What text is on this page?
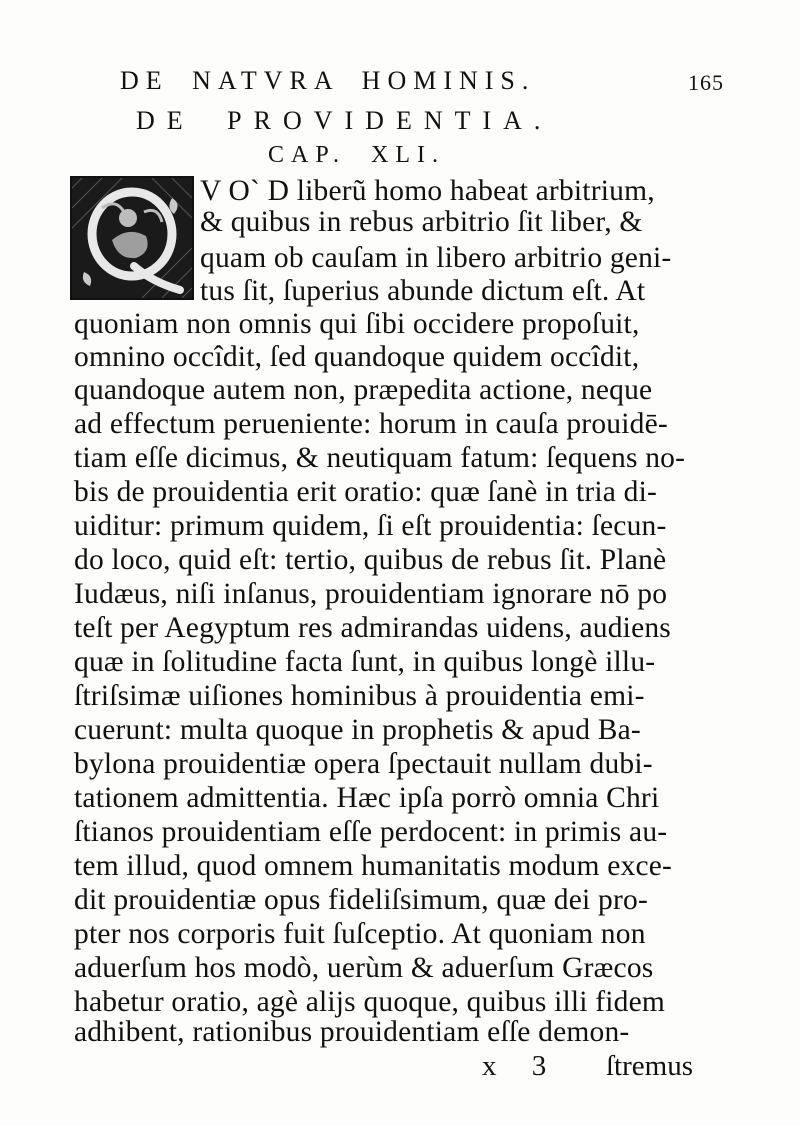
DE NATVRA HOMINIS.	165
DE PROVIDENTIA.
CAP. XLI.
V O` D liberũ homo habeat arbitrium,
& quibus in rebus arbitrio ſit liber, &
quam ob cauſam in libero arbitrio geni-
tus ſit, ſuperius abunde dictum eſt. At
quoniam non omnis qui ſibi occidere propoſuit,
omnino occîdit, ſed quandoque quidem occîdit,
quandoque autem non, præpedita actione, neque
ad effectum perueniente: horum in cauſa prouidē-
tiam eſſe dicimus, & neutiquam fatum: ſequens no-
bis de prouidentia erit oratio: quæ ſanè in tria di-
uiditur: primum quidem, ſi eſt prouidentia: ſecun-
do loco, quid eſt: tertio, quibus de rebus ſit. Planè
Iudæus, niſi inſanus, prouidentiam ignorare nō po
teſt per Aegyptum res admirandas uidens, audiens
quæ in ſolitudine facta ſunt, in quibus longè illu-
ſtriſsimæ uiſiones hominibus à prouidentia emi-
cuerunt: multa quoque in prophetis & apud Ba-
bylona prouidentiæ opera ſpectauit nullam dubi-
tationem admittentia. Hæc ipſa porrò omnia Chri
ſtianos prouidentiam eſſe perdocent: in primis au-
tem illud, quod omnem humanitatis modum exce-
dit prouidentiæ opus fideliſsimum, quæ dei pro-
pter nos corporis fuit ſuſceptio. At quoniam non
aduerſum hos modò, uerùm & aduerſum Græcos
habetur oratio, agè alijs quoque, quibus illi fidem
adhibent, rationibus prouidentiam eſſe demon-
x 3 ſtremus
